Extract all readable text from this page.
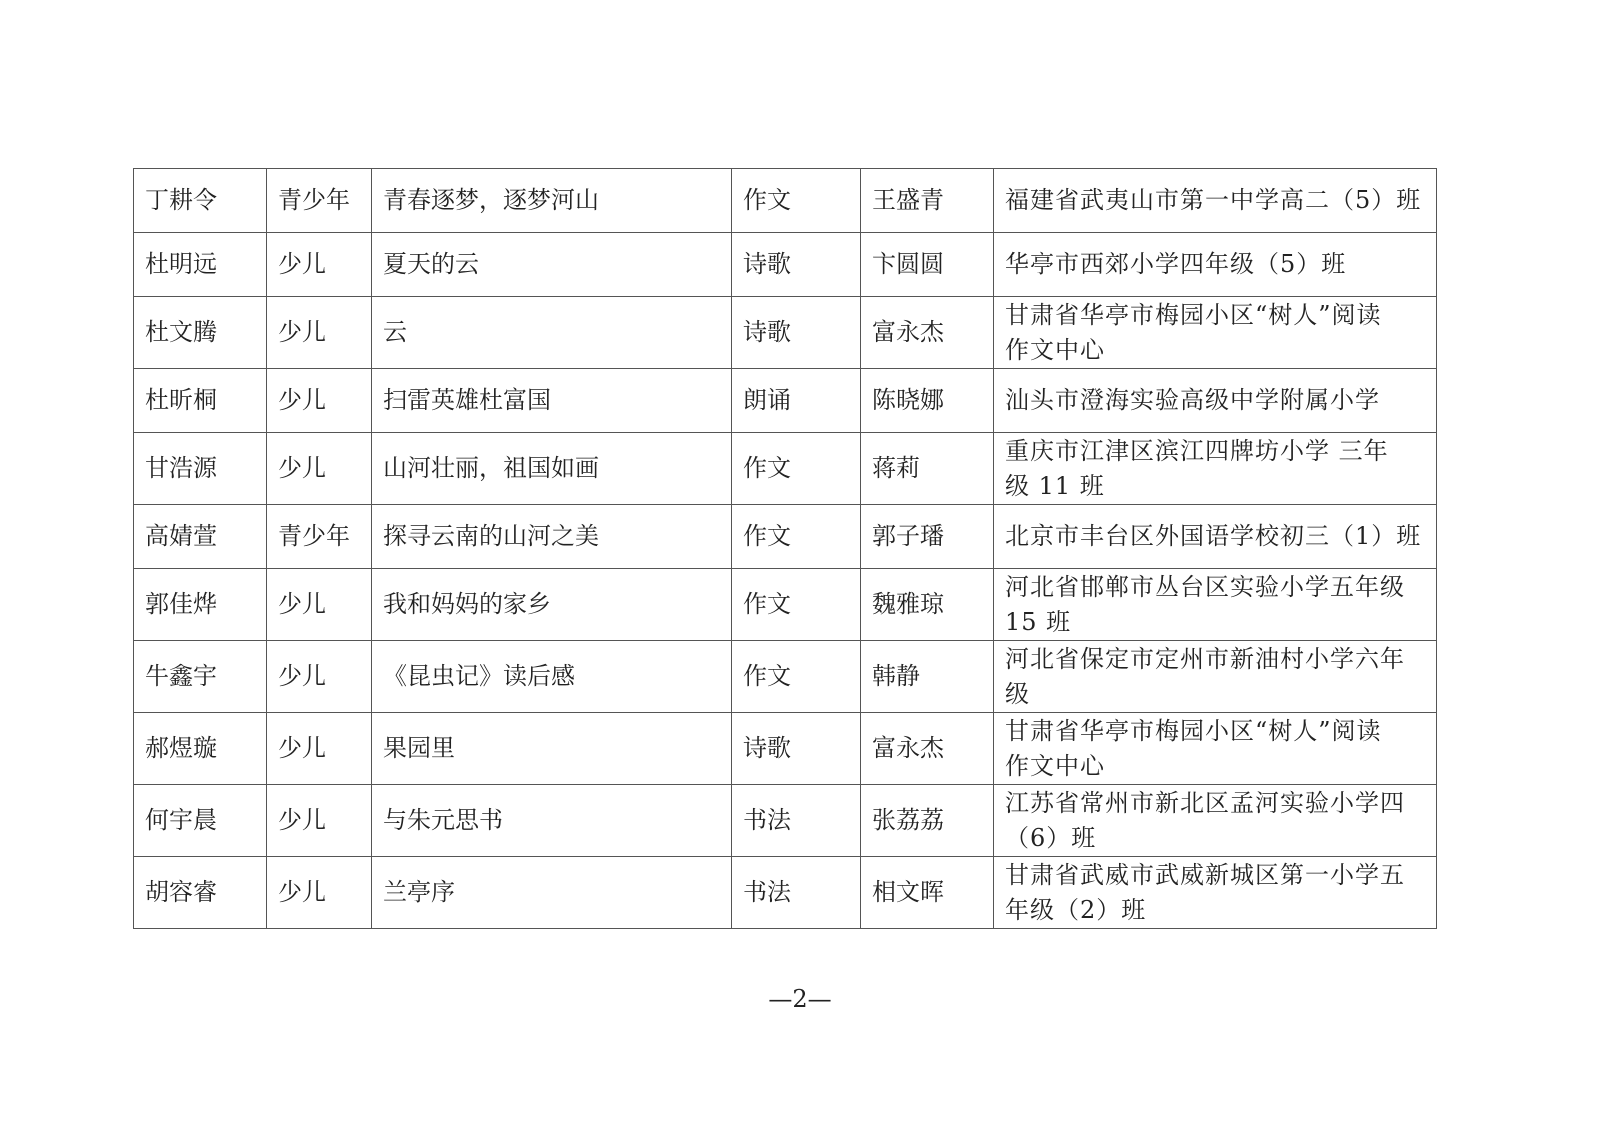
丁耕令	青少年	青春逐梦，逐梦河山	作文	王盛青	福建省武夷山市第一中学高二（5）班
杜明远	少儿	夏天的云	诗歌	卞圆圆	华亭市西郊小学四年级（5）班
杜文腾	少儿	云	诗歌	富永杰	甘肃省华亭市梅园小区“树人”阅读
作文中心
杜昕桐	少儿	扫雷英雄杜富国	朗诵	陈晓娜	汕头市澄海实验高级中学附属小学
甘浩源	少儿	山河壮丽，祖国如画	作文	蒋莉	重庆市江津区滨江四牌坊小学 三年
级 11 班
高婧萱	青少年	探寻云南的山河之美	作文	郭子璠	北京市丰台区外国语学校初三（1）班
郭佳烨	少儿	我和妈妈的家乡	作文	魏雅琼	河北省邯郸市丛台区实验小学五年级
15 班
牛鑫宇	少儿	《昆虫记》读后感	作文	韩静	河北省保定市定州市新油村小学六年
级
郝煜璇	少儿	果园里	诗歌	富永杰	甘肃省华亭市梅园小区“树人”阅读
作文中心
何宇晨	少儿	与朱元思书	书法	张荔荔	江苏省常州市新北区孟河实验小学四
（6）班
胡容睿	少儿	兰亭序	书法	相文晖	甘肃省武威市武威新城区第一小学五
年级（2）班
—2—
